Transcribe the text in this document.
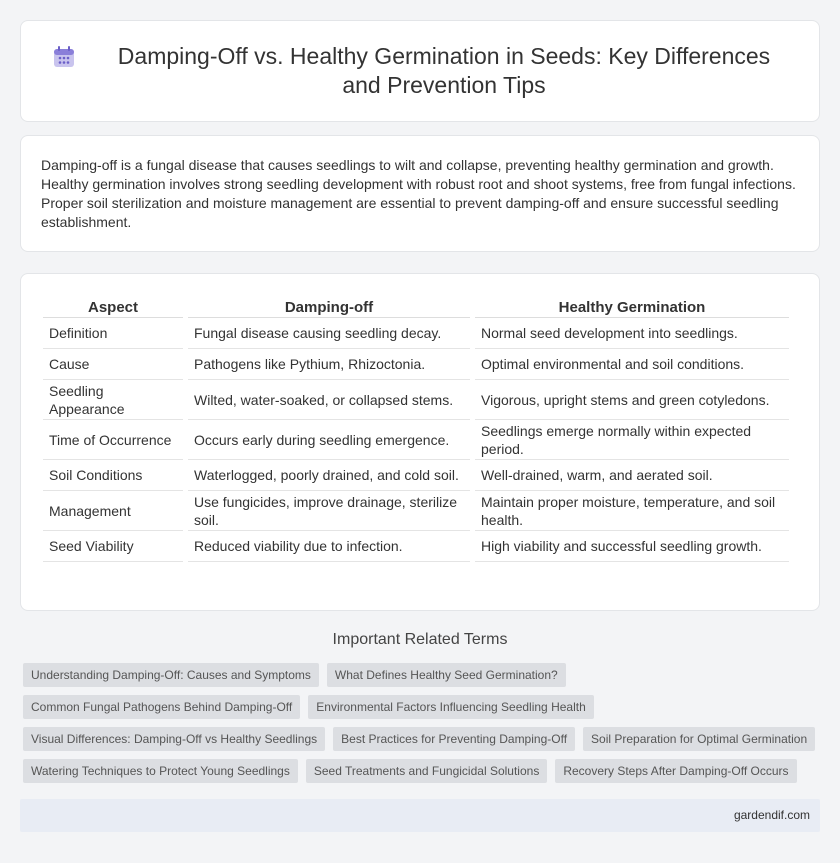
Damping-Off vs. Healthy Germination in Seeds: Key Differences and Prevention Tips

Damping-off is a fungal disease that causes seedlings to wilt and collapse, preventing healthy germination and growth. Healthy germination involves strong seedling development with robust root and shoot systems, free from fungal infections. Proper soil sterilization and moisture management are essential to prevent damping-off and ensure successful seedling establishment.

Aspect	Damping-off	Healthy Germination
Definition	Fungal disease causing seedling decay.	Normal seed development into seedlings.
Cause	Pathogens like Pythium, Rhizoctonia.	Optimal environmental and soil conditions.
Seedling Appearance	Wilted, water-soaked, or collapsed stems.	Vigorous, upright stems and green cotyledons.
Time of Occurrence	Occurs early during seedling emergence.	Seedlings emerge normally within expected period.
Soil Conditions	Waterlogged, poorly drained, and cold soil.	Well-drained, warm, and aerated soil.
Management	Use fungicides, improve drainage, sterilize soil.	Maintain proper moisture, temperature, and soil health.
Seed Viability	Reduced viability due to infection.	High viability and successful seedling growth.
Important Related Terms
Understanding Damping-Off: Causes and Symptoms	What Defines Healthy Seed Germination?
Common Fungal Pathogens Behind Damping-Off	Environmental Factors Influencing Seedling Health
Visual Differences: Damping-Off vs Healthy Seedlings	Best Practices for Preventing Damping-Off	Soil Preparation for Optimal Germination
Watering Techniques to Protect Young Seedlings	Seed Treatments and Fungicidal Solutions	Recovery Steps After Damping-Off Occurs
gardendif.com
